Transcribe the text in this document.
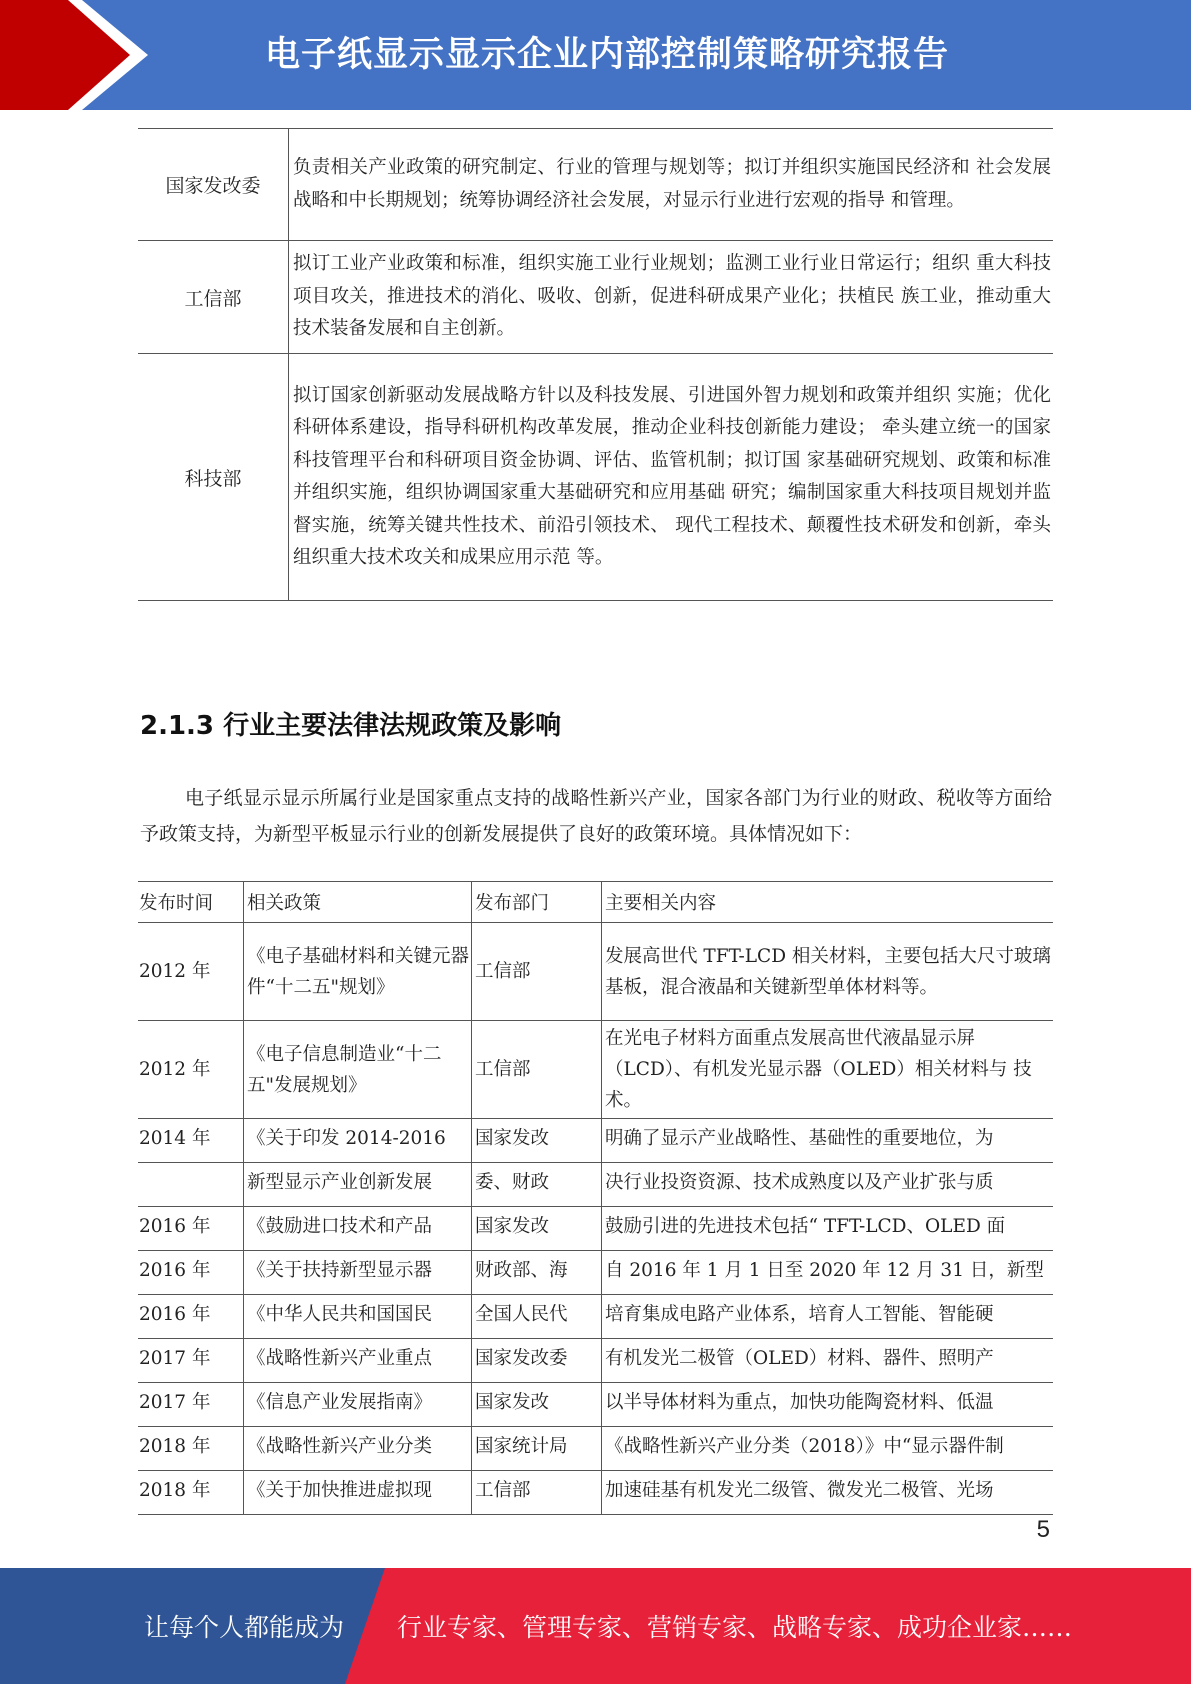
电子纸显示显示企业内部控制策略研究报告
国家发改委	负责相关产业政策的研究制定、行业的管理与规划等；拟订并组织实施国民经济和 社会发展战略和中长期规划；统筹协调经济社会发展，对显示行业进行宏观的指导 和管理。
工信部	拟订工业产业政策和标准，组织实施工业行业规划；监测工业行业日常运行；组织 重大科技项目攻关，推进技术的消化、吸收、创新，促进科研成果产业化；扶植民 族工业，推动重大技术装备发展和自主创新。
科技部	拟订国家创新驱动发展战略方针以及科技发展、引进国外智力规划和政策并组织 实施；优化科研体系建设，指导科研机构改革发展，推动企业科技创新能力建设； 牵头建立统一的国家科技管理平台和科研项目资金协调、评估、监管机制；拟订国 家基础研究规划、政策和标准并组织实施，组织协调国家重大基础研究和应用基础 研究；编制国家重大科技项目规划并监督实施，统筹关键共性技术、前沿引领技术、 现代工程技术、颠覆性技术研发和创新，牵头组织重大技术攻关和成果应用示范 等。
2.1.3 行业主要法律法规政策及影响
电子纸显示显示所属行业是国家重点支持的战略性新兴产业，国家各部门为行业的财政、税收等方面给予政策支持，为新型平板显示行业的创新发展提供了良好的政策环境。具体情况如下：
发布时间	相关政策	发布部门	主要相关内容
2012 年	《电子基础材料和关键元器件“十二五"规划》	工信部	发展高世代 TFT-LCD 相关材料，主要包括大尺寸玻璃基板，混合液晶和关键新型单体材料等。
2012 年	《电子信息制造业“十二五"发展规划》	工信部	在光电子材料方面重点发展高世代液晶显示屏（LCD）、有机发光显示器（OLED）相关材料与 技术。

2014 年	《关于印发 2014-2016	国家发改	明确了显示产业战略性、基础性的重要地位，为

	新型显示产业创新发展	委、财政	决行业投资资源、技术成熟度以及产业扩张与质

2016 年	《鼓励进口技术和产品	国家发改	鼓励引进的先进技术包括“ TFT-LCD、OLED 面

2016 年	《关于扶持新型显示器	财政部、海	自 2016 年 1 月 1 日至 2020 年 12 月 31 日，新型

2016 年	《中华人民共和国国民	全国人民代	培育集成电路产业体系，培育人工智能、智能硬

2017 年	《战略性新兴产业重点	国家发改委	有机发光二极管（OLED）材料、器件、照明产

2017 年	《信息产业发展指南》	国家发改	以半导体材料为重点，加快功能陶瓷材料、低温

2018 年	《战略性新兴产业分类	国家统计局	《战略性新兴产业分类（2018）》中“显示器件制

2018 年	《关于加快推进虚拟现	工信部	加速硅基有机发光二级管、微发光二极管、光场
5
让每个人都能成为 行业专家、管理专家、营销专家、战略专家、成功企业家……
